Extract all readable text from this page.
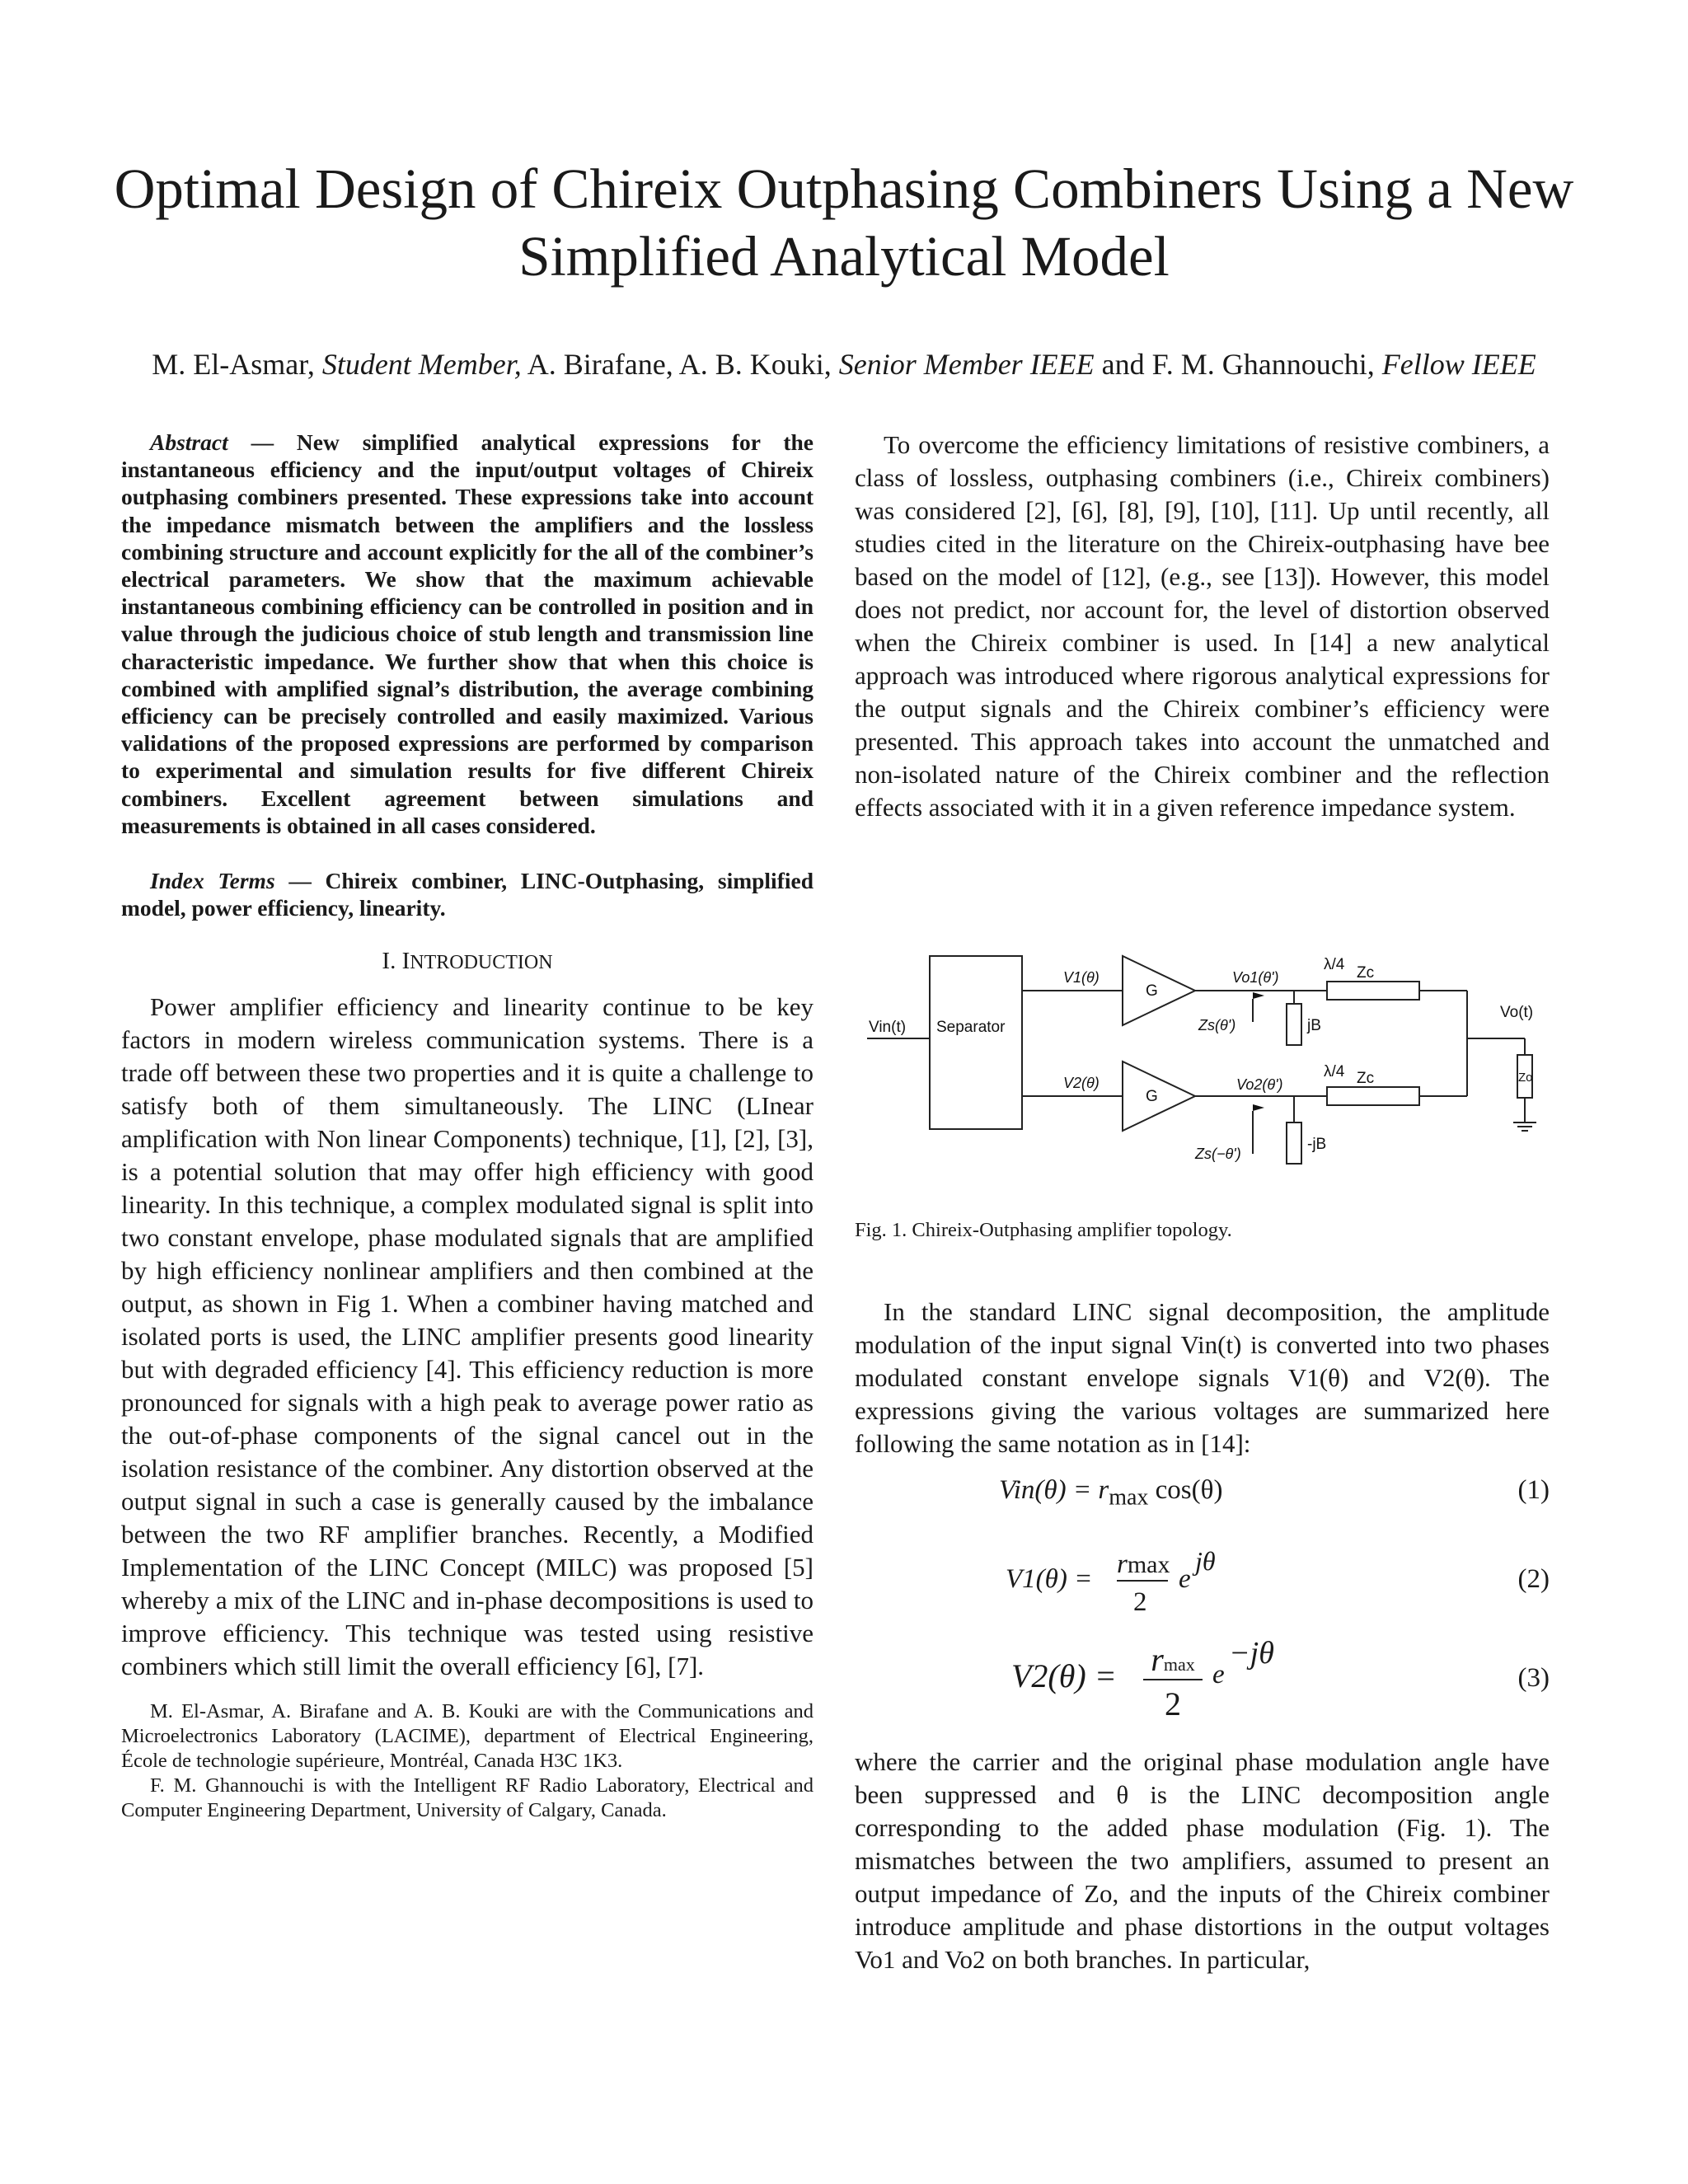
Optimal Design of Chireix Outphasing Combiners Using a New Simplified Analytical Model
M. El-Asmar, Student Member, A. Birafane, A. B. Kouki, Senior Member IEEE and F. M. Ghannouchi, Fellow IEEE

Abstract — New simplified analytical expressions for the instantaneous efficiency and the input/output voltages of Chireix outphasing combiners presented. These expressions take into account the impedance mismatch between the amplifiers and the lossless combining structure and account explicitly for the all of the combiner’s electrical parameters. We show that the maximum achievable instantaneous combining efficiency can be controlled in position and in value through the judicious choice of stub length and transmission line characteristic impedance. We further show that when this choice is combined with amplified signal’s distribution, the average combining efficiency can be precisely controlled and easily maximized. Various validations of the proposed expressions are performed by comparison to experimental and simulation results for five different Chireix combiners. Excellent agreement between simulations and measurements is obtained in all cases considered.

Index Terms — Chireix combiner, LINC-Outphasing, simplified model, power efficiency, linearity.

I. INTRODUCTION

Power amplifier efficiency and linearity continue to be key factors in modern wireless communication systems. There is a trade off between these two properties and it is quite a challenge to satisfy both of them simultaneously. The LINC (LInear amplification with Non linear Components) technique, [1], [2], [3], is a potential solution that may offer high efficiency with good linearity. In this technique, a complex modulated signal is split into two constant envelope, phase modulated signals that are amplified by high efficiency nonlinear amplifiers and then combined at the output, as shown in Fig 1. When a combiner having matched and isolated ports is used, the LINC amplifier presents good linearity but with degraded efficiency [4]. This efficiency reduction is more pronounced for signals with a high peak to average power ratio as the out-of-phase components of the signal cancel out in the isolation resistance of the combiner. Any distortion observed at the output signal in such a case is generally caused by the imbalance between the two RF amplifier branches. Recently, a Modified Implementation of the LINC Concept (MILC) was proposed [5] whereby a mix of the LINC and in-phase decompositions is used to improve efficiency. This technique was tested using resistive combiners which still limit the overall efficiency [6], [7].

M. El-Asmar, A. Birafane and A. B. Kouki are with the Communications and Microelectronics Laboratory (LACIME), department of Electrical Engineering, École de technologie supérieure, Montréal, Canada H3C 1K3.

F. M. Ghannouchi is with the Intelligent RF Radio Laboratory, Electrical and Computer Engineering Department, University of Calgary, Canada.

To overcome the efficiency limitations of resistive combiners, a class of lossless, outphasing combiners (i.e., Chireix combiners) was considered [2], [6], [8], [9], [10], [11]. Up until recently, all studies cited in the literature on the Chireix-outphasing have bee based on the model of [12], (e.g., see [13]). However, this model does not predict, nor account for, the level of distortion observed when the Chireix combiner is used. In [14] a new analytical approach was introduced where rigorous analytical expressions for the output signals and the Chireix combiner’s efficiency were presented. This approach takes into account the unmatched and non-isolated nature of the Chireix combiner and the reflection effects associated with it in a given reference impedance system.

Vin(t) Separator
G
G
λ/4 Zc
λ/4 Zc
jB
-jB
Vo(t)
Zo
V1(θ)
V2(θ)
Vo1(θ')
Vo2(θ')
Zs(θ')
Zs(−θ')

Fig. 1. Chireix-Outphasing amplifier topology.

In the standard LINC signal decomposition, the amplitude modulation of the input signal Vin(t) is converted into two phases modulated constant envelope signals V1(θ) and V2(θ). The expressions giving the various voltages are summarized here following the same notation as in [14]:

$Vin(\theta) = r_{max}$ cos(θ)	(1)
V1(θ) = rmax
2
e
jθ
(2)
V2(θ) = rmax
2
e
−jθ
(3)

where the carrier and the original phase modulation angle have been suppressed and θ is the LINC decomposition angle corresponding to the added phase modulation (Fig. 1). The mismatches between the two amplifiers, assumed to present an output impedance of Zo, and the inputs of the Chireix combiner introduce amplitude and phase distortions in the output voltages Vo1 and Vo2 on both branches. In particular,
